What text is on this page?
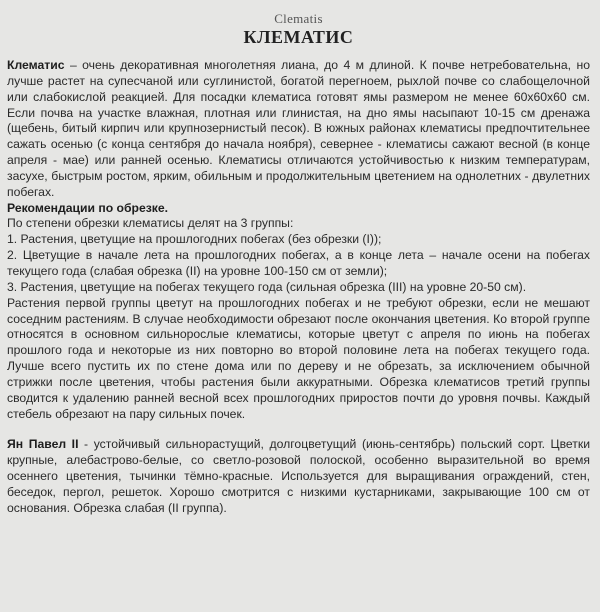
Clematis
КЛЕМАТИС

Клематис – очень декоративная многолетняя лиана, до 4 м длиной. К почве нетребовательна, но лучше растет на супесчаной или суглинистой, богатой перегноем, рыхлой почве со слабощелочной или слабокислой реакцией. Для посадки клематиса готовят ямы размером не менее 60х60х60 см. Если почва на участке влажная, плотная или глинистая, на дно ямы насыпают 10-15 см дренажа (щебень, битый кирпич или крупнозернистый песок). В южных районах клематисы предпочтительнее сажать осенью (с конца сентября до начала ноября), севернее - клематисы сажают весной (в конце апреля - мае) или ранней осенью. Клематисы отличаются устойчивостью к низким температурам, засухе, быстрым ростом, ярким, обильным и продолжительным цветением на однолетних - двулетних побегах.

Рекомендации по обрезке.

По степени обрезки клематисы делят на 3 группы:

1. Растения, цветущие на прошлогодних побегах (без обрезки (I));

2. Цветущие в начале лета на прошлогодних побегах, а в конце лета – начале осени на побегах текущего года (слабая обрезка (II) на уровне 100-150 см от земли);

3. Растения, цветущие на побегах текущего года (сильная обрезка (III) на уровне 20-50 см).

Растения первой группы цветут на прошлогодних побегах и не требуют обрезки, если не мешают соседним растениям. В случае необходимости обрезают после окончания цветения. Ко второй группе относятся в основном сильнорослые клематисы, которые цветут с апреля по июнь на побегах прошлого года и некоторые из них повторно во второй половине лета на побегах текущего года. Лучше всего пустить их по стене дома или по дереву и не обрезать, за исключением обычной стрижки после цветения, чтобы растения были аккуратными. Обрезка клематисов третий группы сводится к удалению ранней весной всех прошлогодних приростов почти до уровня почвы. Каждый стебель обрезают на пару сильных почек.

Ян Павел II - устойчивый сильнорастущий, долгоцветущий (июнь-сентябрь) польский сорт. Цветки крупные, алебастрово-белые, со светло-розовой полоской, особенно выразительной во время осеннего цветения, тычинки тёмно-красные. Используется для выращивания ограждений, стен, беседок, пергол, решеток. Хорошо смотрится с низкими кустарниками, закрывающие 100 см от основания. Обрезка слабая (II группа).
